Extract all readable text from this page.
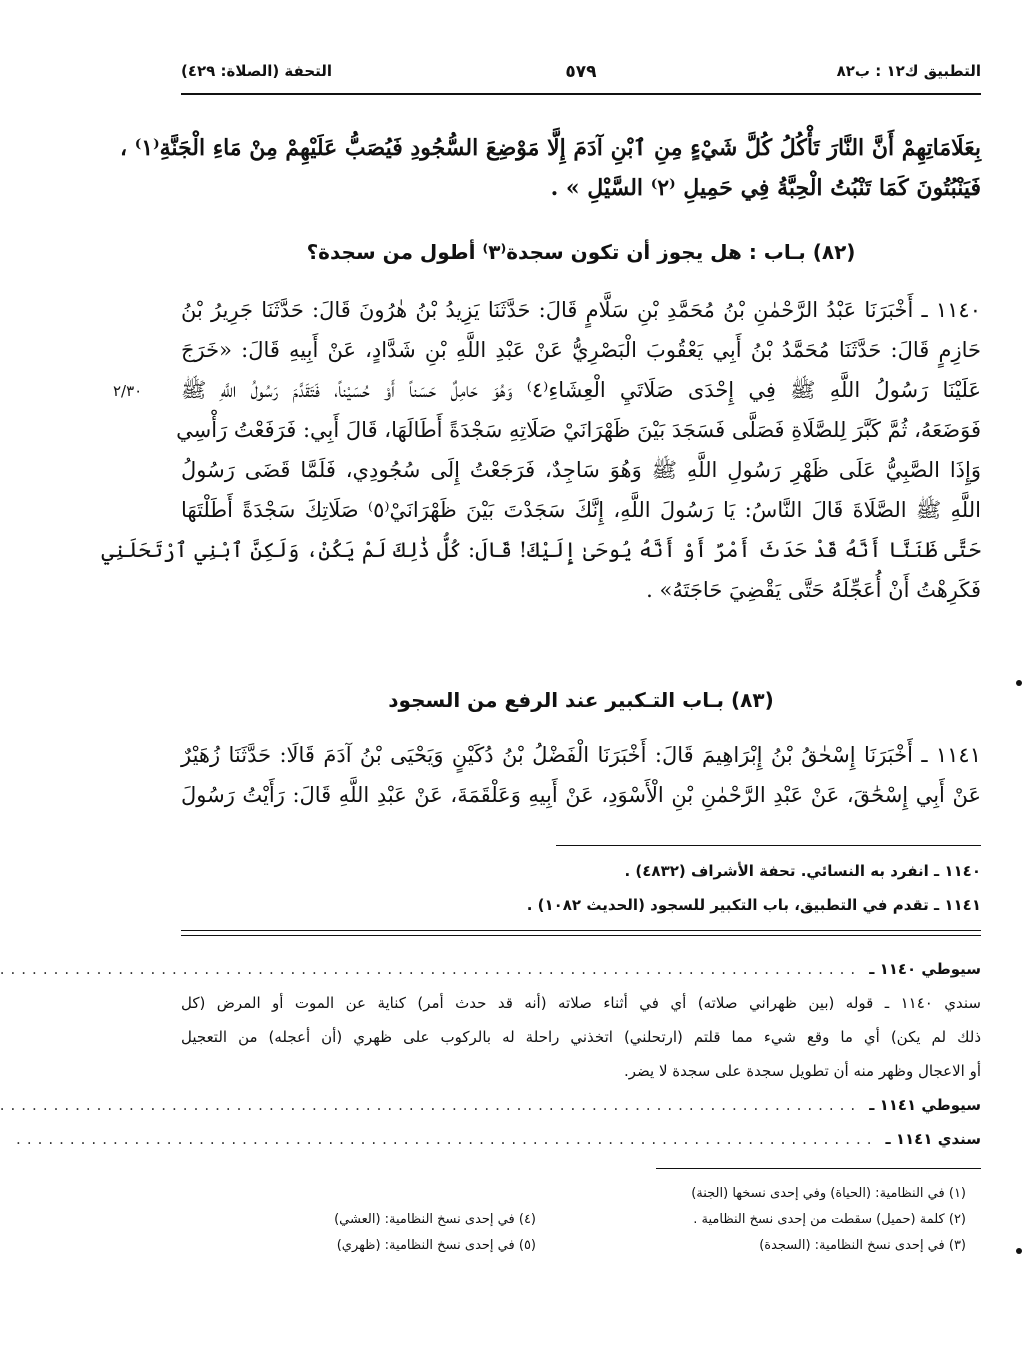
التطبيق ك١٢ : ب٨٢
٥٧٩
التحفة (الصلاة: ٤٢٩)
بِعَلَامَاتِهِمْ أَنَّ النَّارَ تَأْكُلُ كُلَّ شَيْءٍ مِنِ ٱبْنِ آدَمَ إِلَّا مَوْضِعَ السُّجُودِ فَيُصَبُّ عَلَيْهِمْ مِنْ مَاءِ الْجَنَّةِ⁽١⁾ ،
فَيَنْبُتُونَ كَمَا تَنْبُتُ الْحِبَّةُ فِي حَمِيلِ ⁽٢⁾ السَّيْلِ » .
(٨٢) بـاب : هل يجوز أن تكون سجدة⁽٣⁾ أطول من سجدة؟
١١٤٠ ـ أَخْبَرَنَا عَبْدُ الرَّحْمٰنِ بْنُ مُحَمَّدِ بْنِ سَلَّامٍ قَالَ: حَدَّثَنَا يَزِيدُ بْنُ هٰرُونَ قَالَ: حَدَّثَنَا جَرِيرُ بْنُ
حَازِمٍ قَالَ: حَدَّثَنَا مُحَمَّدُ بْنُ أَبِي يَعْقُوبَ الْبَصْرِيُّ عَنْ عَبْدِ اللَّهِ بْنِ شَدَّادٍ، عَنْ أَبِيهِ قَالَ: «خَرَجَ
عَلَيْنَا رَسُولُ اللَّهِ ﷺ فِي إِحْدَى صَلَاتَيِ الْعِشَاءِ⁽٤⁾ وَهُوَ حَامِلٌ حَسَناً أَوْ حُسَيْناً، فَتَقَدَّمَ رَسُولُ اللَّهِ ﷺ
فَوَضَعَهُ، ثُمَّ كَبَّرَ لِلصَّلَاةِ فَصَلَّى فَسَجَدَ بَيْنَ ظَهْرَانَيْ صَلَاتِهِ سَجْدَةً أَطَالَهَا، قَالَ أَبِي: فَرَفَعْتُ رَأْسِي
وَإِذَا الصَّبِيُّ عَلَى ظَهْرِ رَسُولِ اللَّهِ ﷺ وَهُوَ سَاجِدٌ، فَرَجَعْتُ إِلَى سُجُودِي، فَلَمَّا قَضَى رَسُولُ
اللَّهِ ﷺ الصَّلَاةَ قَالَ النَّاسُ: يَا رَسُولَ اللَّهِ، إِنَّكَ سَجَدْتَ بَيْنَ ظَهْرَانَيْ⁽٥⁾ صَلَاتِكَ سَجْدَةً أَطَلْتَهَا
حَتَّى ظَنَنَّا أَنَّهُ قَدْ حَدَثَ أَمْرٌ أَوْ أَنَّهُ يُوحَىٰ إِلَيْكَ! قَالَ: كُلُّ ذَٰلِكَ لَمْ يَكُنْ، وَلَكِنَّ ٱبْنِي ٱرْتَحَلَنِي
فَكَرِهْتُ أَنْ أُعَجِّلَهُ حَتَّى يَقْضِيَ حَاجَتَهُ» .
٢/٣٠
(٨٣) بـاب التـكبير عند الرفع من السجود
١١٤١ ـ أَخْبَرَنَا إِسْحٰقُ بْنُ إِبْرَاهِيمَ قَالَ: أَخْبَرَنَا الْفَضْلُ بْنُ دُكَيْنٍ وَيَحْيَى بْنُ آدَمَ قَالَا: حَدَّثَنَا زُهَيْرٌ
عَنْ أَبِي إِسْحَٰقَ، عَنْ عَبْدِ الرَّحْمٰنِ بْنِ الْأَسْوَدِ، عَنْ أَبِيهِ وَعَلْقَمَةَ، عَنْ عَبْدِ اللَّهِ قَالَ: رَأَيْتُ رَسُولَ
١١٤٠ ـ انفرد به النسائي. تحفة الأشراف (٤٨٣٢) .
١١٤١ ـ تقدم في التطبيق، باب التكبير للسجود (الحديث ١٠٨٢) .
سيوطي ١١٤٠ ـ
................................................................................
سندي ١١٤٠ ـ قوله (بين ظهراني صلاته) أي في أثناء صلاته (أنه قد حدث أمر) كناية عن الموت أو المرض (كل
ذلك لم يكن) أي ما وقع شيء مما قلتم (ارتحلني) اتخذني راحلة له بالركوب على ظهري (أن أعجله) من التعجيل
أو الاعجال وظهر منه أن تطويل سجدة على سجدة لا يضر.
سيوطي ١١٤١ ـ
................................................................................
سندي ١١٤١ ـ
................................................................................
(١) في النظامية: (الحياة) وفي إحدى نسخها (الجنة)
(٢) كلمة (حميل) سقطت من إحدى نسخ النظامية .
(٣) في إحدى نسخ النظامية: (السجدة)
(٤) في إحدى نسخ النظامية: (العشي)
(٥) في إحدى نسخ النظامية: (ظهري)
